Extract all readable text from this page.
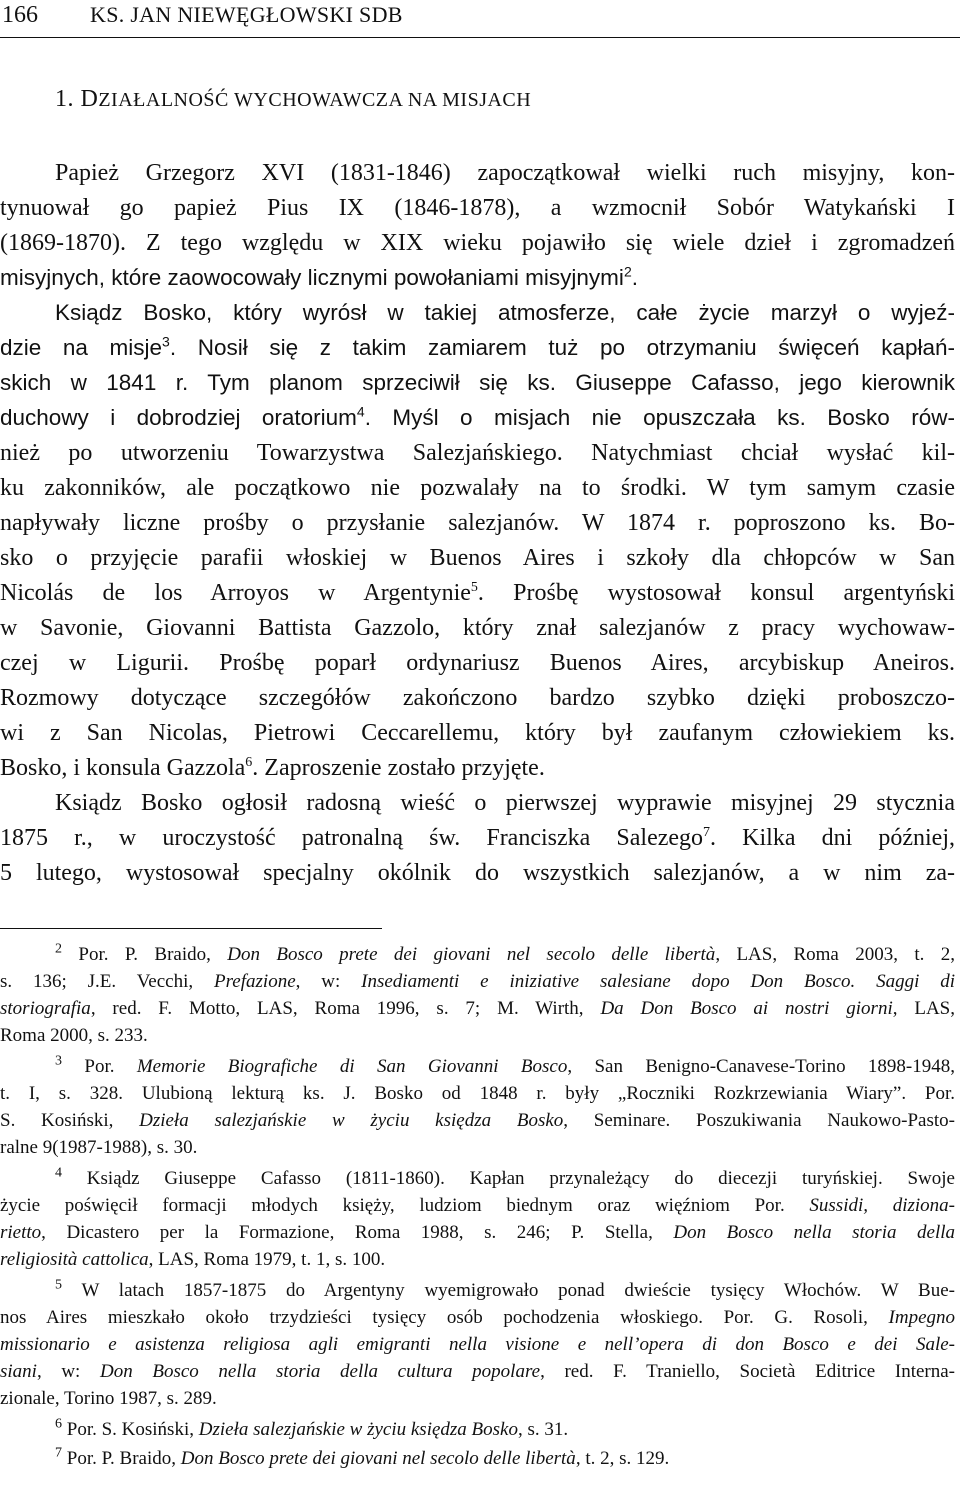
166 KS. JAN NIEWĘGŁOWSKI SDB
1. DZIAŁALNOŚĆ WYCHOWAWCZA NA MISJACH
Papież Grzegorz XVI (1831-1846) zapoczątkował wielki ruch misyjny, kon-
tynuował go papież Pius IX (1846-1878), a wzmocnił Sobór Watykański I
(1869-1870). Z tego względu w XIX wieku pojawiło się wiele dzieł i zgromadzeń
misyjnych, które zaowocowały licznymi powołaniami misyjnymi$^2$.
Ksiądz Bosko, który wyrósł w takiej atmosferze, całe życie marzył o wyjeź-
dzie na misje$^3$. Nosił się z takim zamiarem tuż po otrzymaniu święceń kapłań-
skich w 1841 r. Tym planom sprzeciwił się ks. Giuseppe Cafasso, jego kierownik
duchowy i dobrodziej oratorium$^4$. Myśl o misjach nie opuszczała ks. Bosko rów-
nież po utworzeniu Towarzystwa Salezjańskiego. Natychmiast chciał wysłać kil-
ku zakonników, ale początkowo nie pozwalały na to środki. W tym samym czasie
napływały liczne prośby o przysłanie salezjanów. W 1874 r. poproszono ks. Bo-
sko o przyjęcie parafii włoskiej w Buenos Aires i szkoły dla chłopców w San
Nicolás de los Arroyos w Argentynie$^5$. Prośbę wystosował konsul argentyński
w Savonie, Giovanni Battista Gazzolo, który znał salezjanów z pracy wychowaw-
czej w Ligurii. Prośbę poparł ordynariusz Buenos Aires, arcybiskup Aneiros.
Rozmowy dotyczące szczegółów zakończono bardzo szybko dzięki proboszczo-
wi z San Nicolas, Pietrowi Ceccarellemu, który był zaufanym człowiekiem ks.
Bosko, i konsula Gazzola$^6$. Zaproszenie zostało przyjęte.
Ksiądz Bosko ogłosił radosną wieść o pierwszej wyprawie misyjnej 29 stycznia
1875 r., w uroczystość patronalną św. Franciszka Salezego$^7$. Kilka dni później,
5 lutego, wystosował specjalny okólnik do wszystkich salezjanów, a w nim za-
$^2$ Por. P. Braido, Don Bosco prete dei giovani nel secolo delle libertà, LAS, Roma 2003, t. 2,
s. 136; J.E. Vecchi, Prefazione, w: Insediamenti e iniziative salesiane dopo Don Bosco. Saggi di
storiografia, red. F. Motto, LAS, Roma 1996, s. 7; M. Wirth, Da Don Bosco ai nostri giorni, LAS,
Roma 2000, s. 233.
$^3$ Por. Memorie Biografiche di San Giovanni Bosco, San Benigno-Canavese-Torino 1898-1948,
t. I, s. 328. Ulubioną lekturą ks. J. Bosko od 1848 r. były „Roczniki Rozkrzewiania Wiary”. Por.
S. Kosiński, Dzieła salezjańskie w życiu księdza Bosko, Seminare. Poszukiwania Naukowo-Pasto-
ralne 9(1987-1988), s. 30.
$^4$ Ksiądz Giuseppe Cafasso (1811-1860). Kapłan przynależący do diecezji turyńskiej. Swoje
życie poświęcił formacji młodych księży, ludziom biednym oraz więźniom Por. Sussidi, diziona-
rietto, Dicastero per la Formazione, Roma 1988, s. 246; P. Stella, Don Bosco nella storia della
religiosità cattolica, LAS, Roma 1979, t. 1, s. 100.
$^5$ W latach 1857-1875 do Argentyny wyemigrowało ponad dwieście tysięcy Włochów. W Bue-
nos Aires mieszkało około trzydzieści tysięcy osób pochodzenia włoskiego. Por. G. Rosoli, Impegno
missionario e asistenza religiosa agli emigranti nella visione e nell’opera di don Bosco e dei Sale-
siani, w: Don Bosco nella storia della cultura popolare, red. F. Traniello, Società Editrice Interna-
zionale, Torino 1987, s. 289.
$^6$ Por. S. Kosiński, Dzieła salezjańskie w życiu księdza Bosko, s. 31.
$^7$ Por. P. Braido, Don Bosco prete dei giovani nel secolo delle libertà, t. 2, s. 129.
